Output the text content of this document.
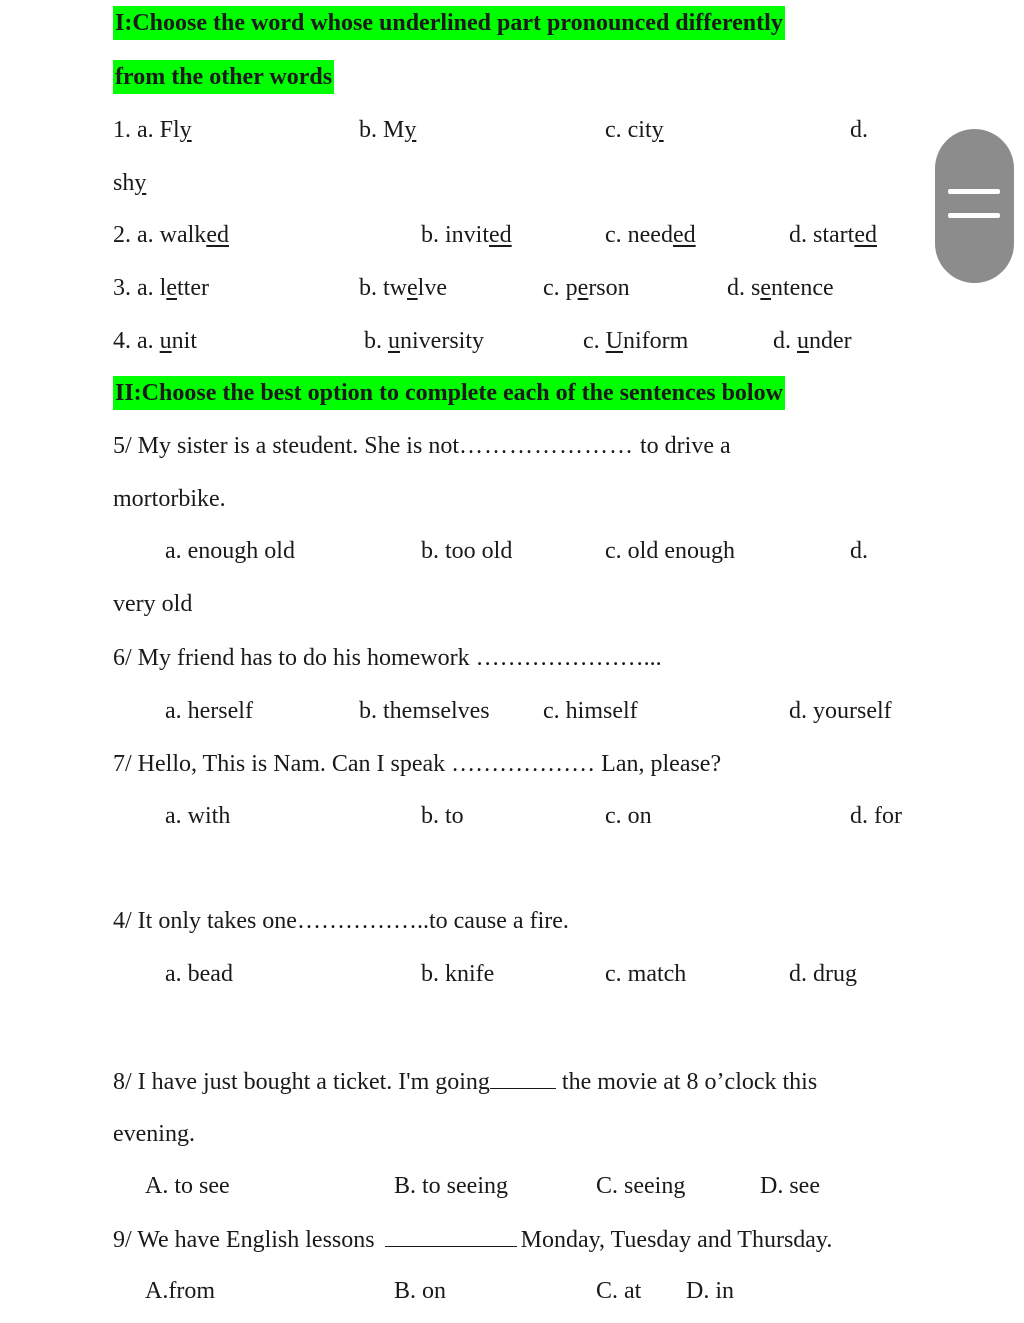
I:Choose the word whose underlined part pronounced differently
from the other words
1. a. Fly	b. My	c. city	d.
shy
2. a. walked	b. invited	c. needed	d. started
3. a. letter	b. twelve	c. person	d. sentence
4. a. unit	b. university	c. Uniform	d. under
II:Choose the best option to complete each of the sentences bolow
5/ My sister is a steudent. She is not………………… to drive a
mortorbike.
a. enough old	b. too old	c. old enough	d.
very old
6/ My friend has to do his homework …………………...
a. herself	b. themselves c. himself	d. yourself
7/ Hello, This is Nam. Can I speak ……………… Lan, please?
a. with	b. to	c. on	d. for
4/ It only takes one……………..to cause a fire.
a. bead	b. knife	c. match	d. drug
8/ I have just bought a ticket. I'm going	the movie at 8 o’clock this
evening.
A. to see	B. to seeing	C. seeing	D. see
9/ We have English lessons	Monday, Tuesday and Thursday.
A.from	B. on	C. at D. in
